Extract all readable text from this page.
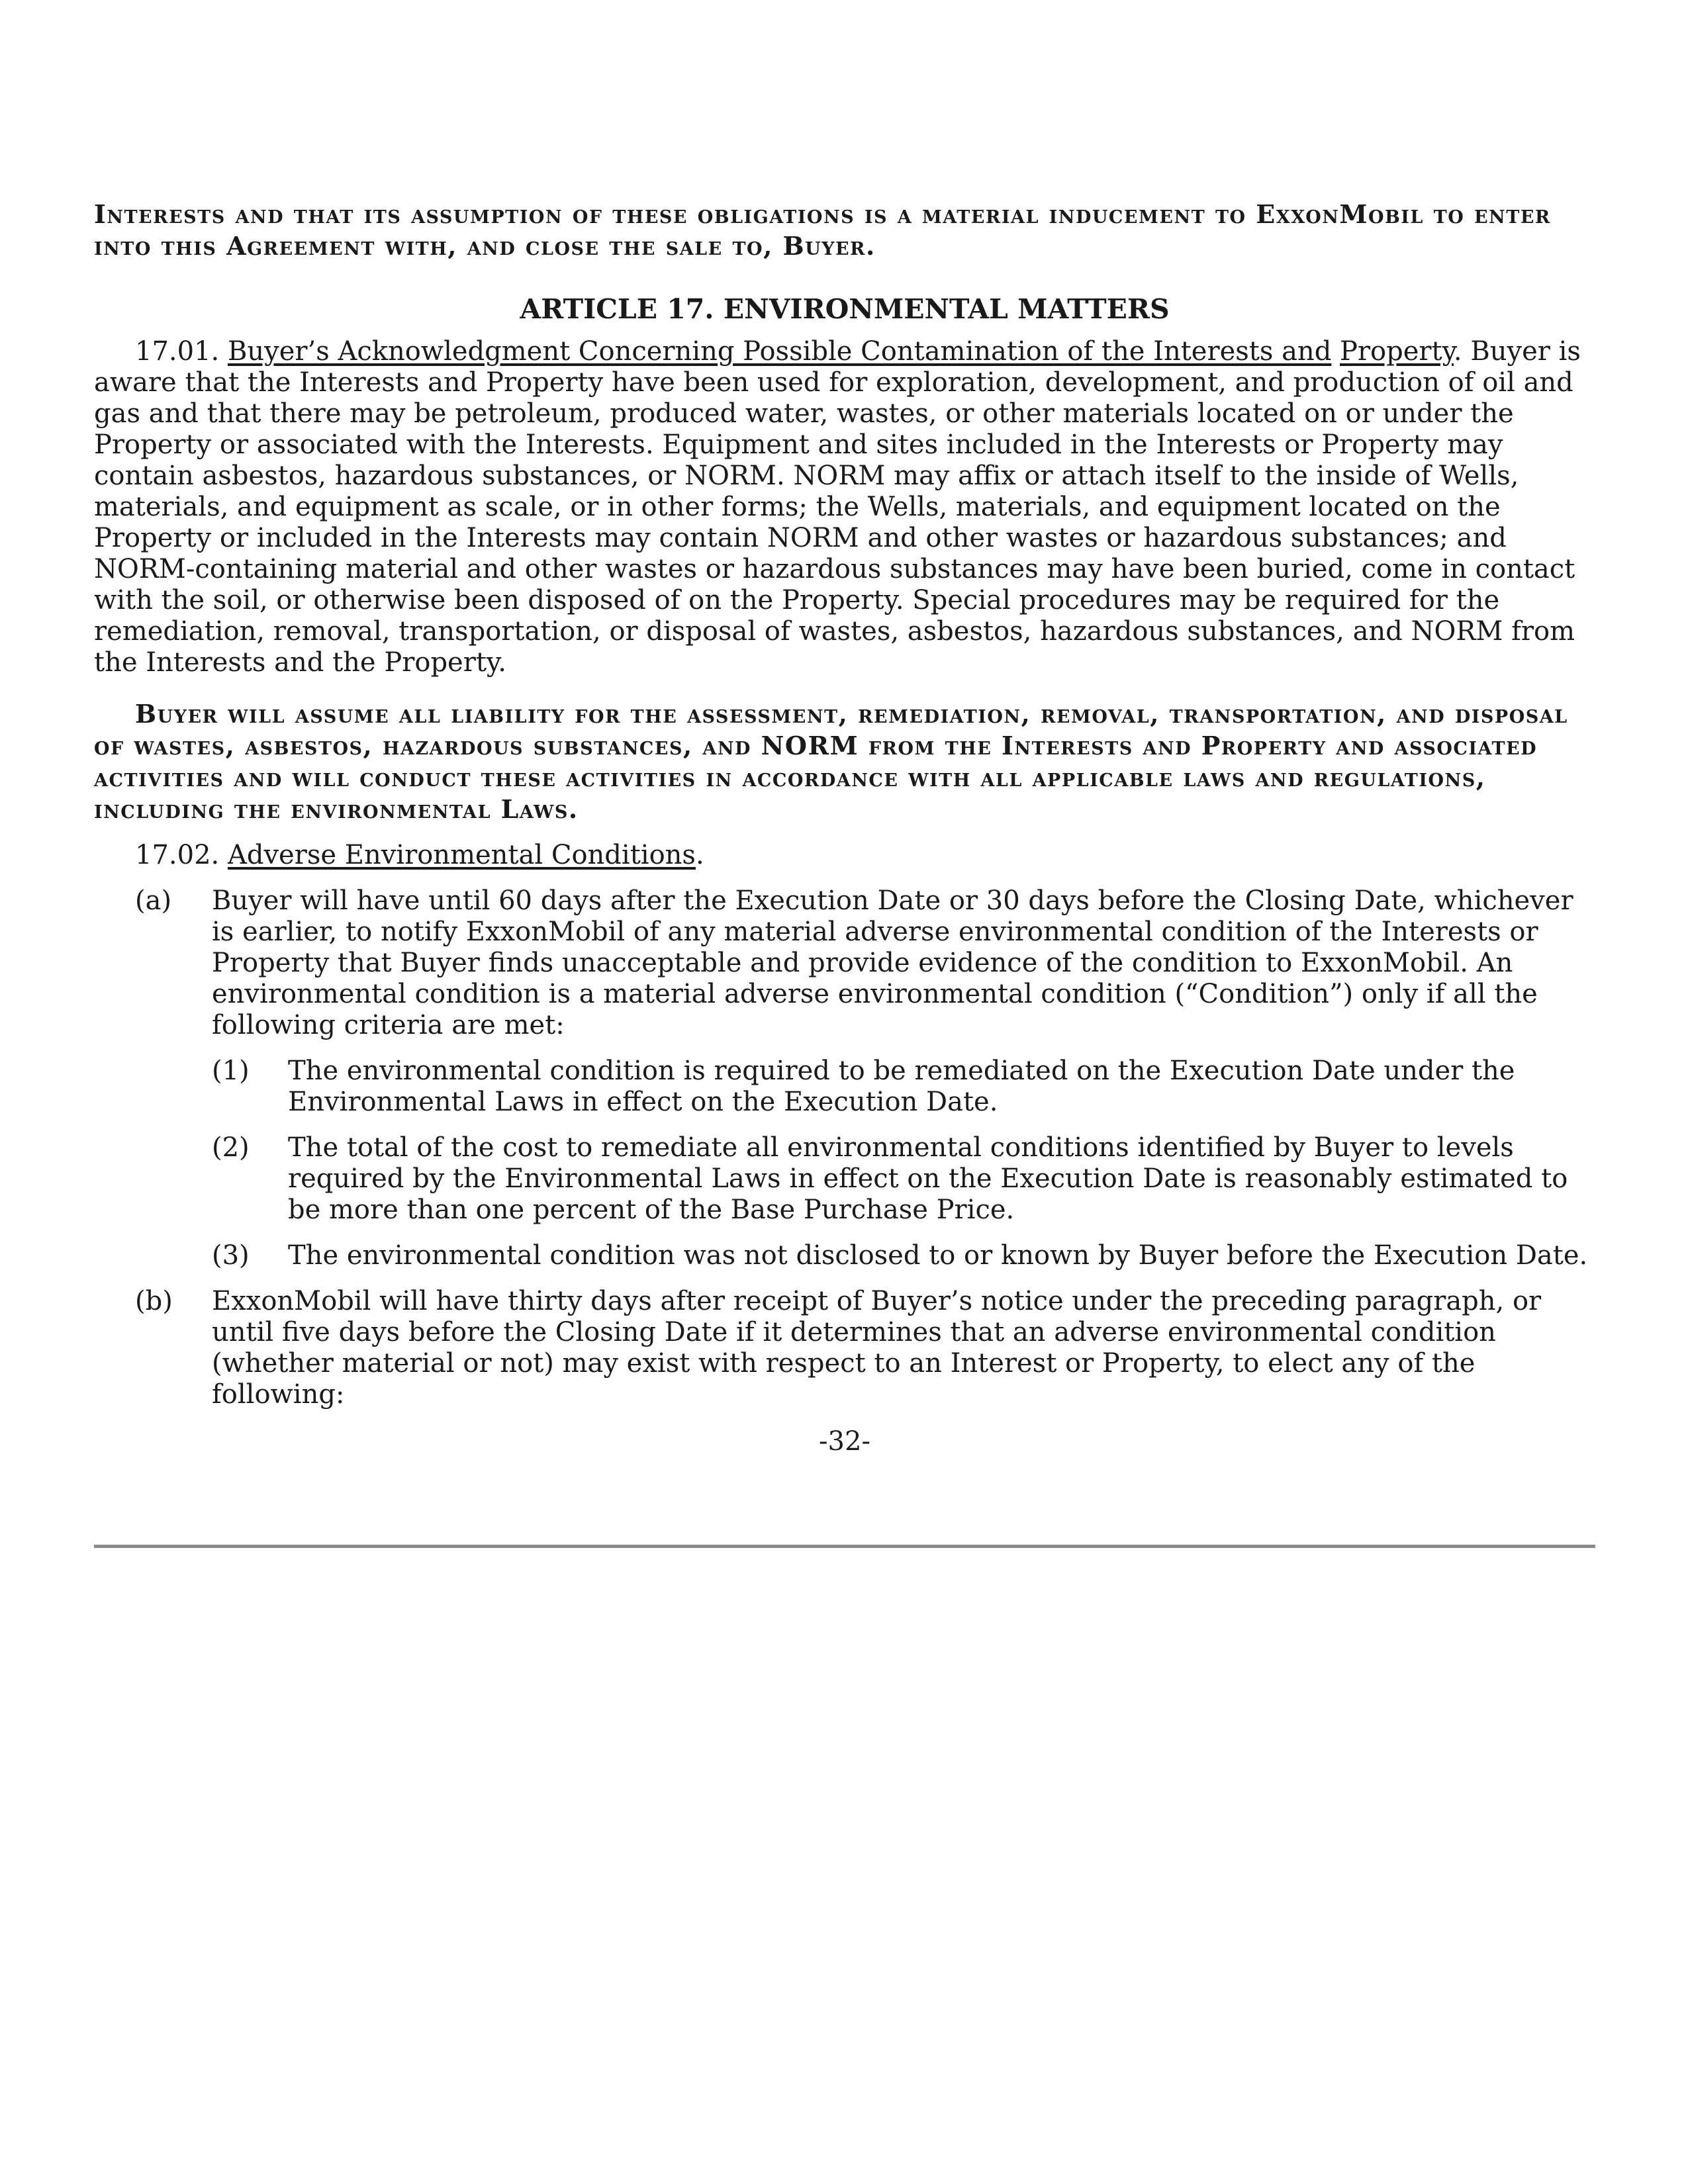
Interests and that its assumption of these obligations is a material inducement to ExxonMobil to enter into this Agreement with, and close the sale to, Buyer.

ARTICLE 17. ENVIRONMENTAL MATTERS

17.01. Buyer’s Acknowledgment Concerning Possible Contamination of the Interests and Property. Buyer is aware that the Interests and Property have been used for exploration, development, and production of oil and gas and that there may be petroleum, produced water, wastes, or other materials located on or under the Property or associated with the Interests. Equipment and sites included in the Interests or Property may contain asbestos, hazardous substances, or NORM. NORM may affix or attach itself to the inside of Wells, materials, and equipment as scale, or in other forms; the Wells, materials, and equipment located on the Property or included in the Interests may contain NORM and other wastes or hazardous substances; and NORM-containing material and other wastes or hazardous substances may have been buried, come in contact with the soil, or otherwise been disposed of on the Property. Special procedures may be required for the remediation, removal, transportation, or disposal of wastes, asbestos, hazardous substances, and NORM from the Interests and the Property.

Buyer will assume all liability for the assessment, remediation, removal, transportation, and disposal of wastes, asbestos, hazardous substances, and NORM from the Interests and Property and associated activities and will conduct these activities in accordance with all applicable laws and regulations, including the environmental Laws.

17.02. Adverse Environmental Conditions.

(a) Buyer will have until 60 days after the Execution Date or 30 days before the Closing Date, whichever is earlier, to notify ExxonMobil of any material adverse environmental condition of the Interests or Property that Buyer finds unacceptable and provide evidence of the condition to ExxonMobil. An environmental condition is a material adverse environmental condition (“Condition”) only if all the following criteria are met:
(1) The environmental condition is required to be remediated on the Execution Date under the Environmental Laws in effect on the Execution Date.
(2) The total of the cost to remediate all environmental conditions identified by Buyer to levels required by the Environmental Laws in effect on the Execution Date is reasonably estimated to be more than one percent of the Base Purchase Price.
(3) The environmental condition was not disclosed to or known by Buyer before the Execution Date.
(b) ExxonMobil will have thirty days after receipt of Buyer’s notice under the preceding paragraph, or until five days before the Closing Date if it determines that an adverse environmental condition (whether material or not) may exist with respect to an Interest or Property, to elect any of the following:

-32-
